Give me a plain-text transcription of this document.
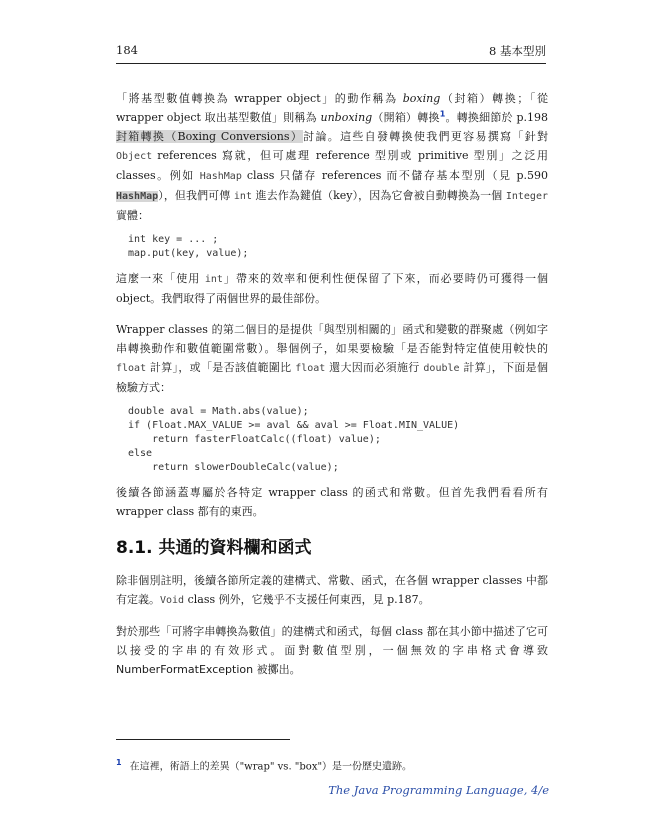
184	8 基本型別

「將基型數值轉換為 wrapper object」的動作稱為 boxing（封箱）轉換；「從 wrapper object 取出基型數值」則稱為 unboxing（開箱）轉換$^1$。轉換細節於 p.198 封箱轉換（Boxing Conversions）討論。這些自發轉換使我們更容易撰寫「針對 Object references 寫就，但可處理 reference 型別或 primitive 型別」之泛用 classes。例如 HashMap class 只儲存 references 而不儲存基本型別（見 p.590 HashMap），但我們可傳 int 進去作為鍵值（key），因為它會被自動轉換為一個 Integer 實體：

int key = ... ;
map.put(key, value);

這麼一來「使用 int」帶來的效率和便利性便保留了下來，而必要時仍可獲得一個 object。我們取得了兩個世界的最佳部份。

Wrapper classes 的第二個目的是提供「與型別相關的」函式和變數的群聚處（例如字串轉換動作和數值範圍常數）。舉個例子，如果要檢驗「是否能對特定值使用較快的 float 計算」，或「是否該值範圍比 float 還大因而必須施行 double 計算」，下面是個檢驗方式：

double aval = Math.abs(value);
if (Float.MAX_VALUE >= aval && aval >= Float.MIN_VALUE)
return fasterFloatCalc((float) value);
else
return slowerDoubleCalc(value);

後續各節涵蓋專屬於各特定 wrapper class 的函式和常數。但首先我們看看所有 wrapper class 都有的東西。

8.1. 共通的資料欄和函式

除非個別註明，後續各節所定義的建構式、常數、函式，在各個 wrapper classes 中都有定義。Void class 例外，它幾乎不支援任何東西，見 p.187。

對於那些「可將字串轉換為數值」的建構式和函式，每個 class 都在其小節中描述了它可以接受的字串的有效形式。面對數值型別，一個無效的字串格式會導致 NumberFormatException 被擲出。

$^1$ 在這裡，術語上的差異（"wrap" vs. "box"）是一份歷史遺跡。
The Java Programming Language, 4/e
